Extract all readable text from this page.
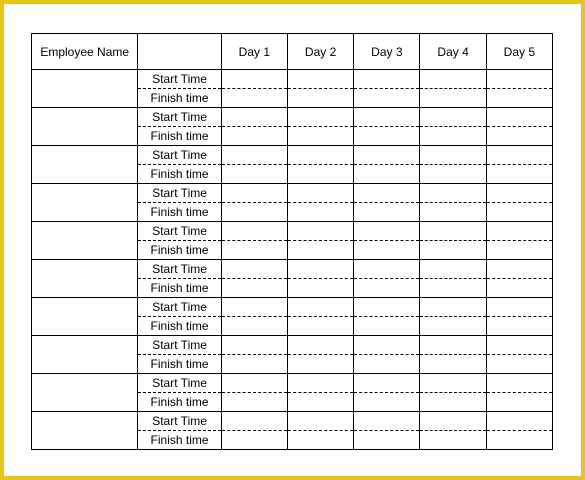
Employee Name		Day 1	Day 2	Day 3	Day 4	Day 5
	Start Time					
	Finish time					
	Start Time					
	Finish time					
	Start Time					
	Finish time					
	Start Time					
	Finish time					
	Start Time					
	Finish time					
	Start Time					
	Finish time					
	Start Time					
	Finish time					
	Start Time					
	Finish time					
	Start Time					
	Finish time					
	Start Time					
	Finish time					
